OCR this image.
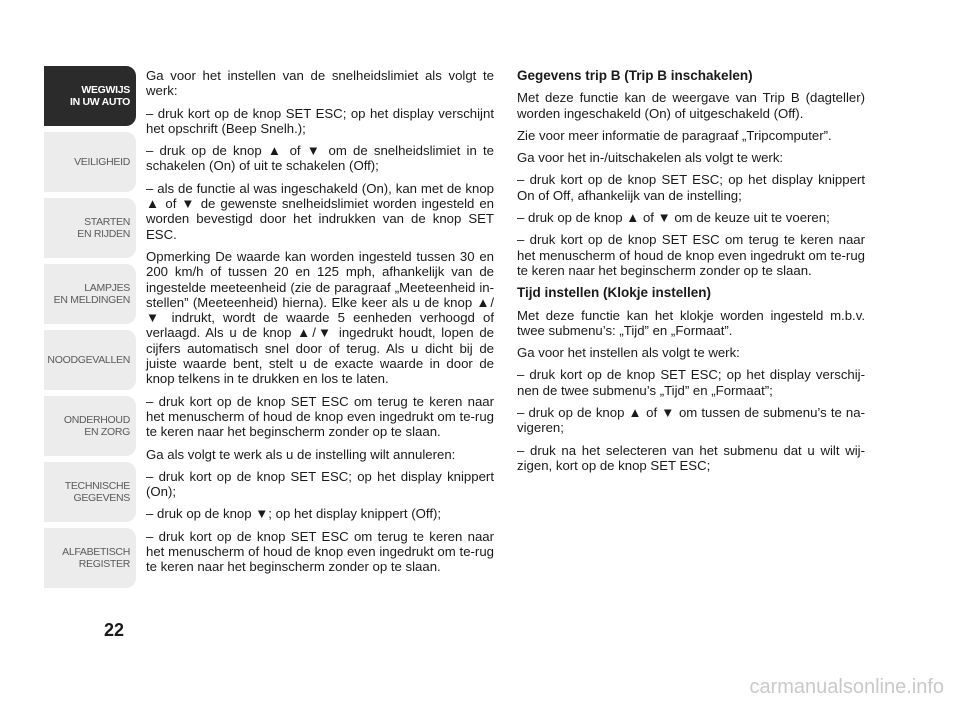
WEGWIJS
IN UW AUTO
VEILIGHEID
STARTEN
EN RIJDEN
LAMPJES
EN MELDINGEN
NOODGEVALLEN
ONDERHOUD
EN ZORG
TECHNISCHE
GEGEVENS
ALFABETISCH
REGISTER
22

Ga voor het instellen van de snelheidslimiet als volgt te werk:

– druk kort op de knop SET ESC; op het display verschijnt het opschrift (Beep Snelh.);

– druk op de knop ▲ of ▼ om de snelheidslimiet in te schakelen (On) of uit te schakelen (Off);

– als de functie al was ingeschakeld (On), kan met de knop ▲ of ▼ de gewenste snelheidslimiet worden ingesteld en worden bevestigd door het indrukken van de knop SET ESC.

Opmerking De waarde kan worden ingesteld tussen 30 en 200 km/h of tussen 20 en 125 mph, afhankelijk van de ingestelde meeteenheid (zie de paragraaf „Meeteenheid in-stellen” (Meeteenheid) hierna). Elke keer als u de knop ▲/▼ indrukt, wordt de waarde 5 eenheden verhoogd of verlaagd. Als u de knop ▲/▼ ingedrukt houdt, lopen de cijfers automatisch snel door of terug. Als u dicht bij de juiste waarde bent, stelt u de exacte waarde in door de knop telkens in te drukken en los te laten.

– druk kort op de knop SET ESC om terug te keren naar het menuscherm of houd de knop even ingedrukt om te-rug te keren naar het beginscherm zonder op te slaan.

Ga als volgt te werk als u de instelling wilt annuleren:

– druk kort op de knop SET ESC; op het display knippert (On);

– druk op de knop ▼; op het display knippert (Off);

– druk kort op de knop SET ESC om terug te keren naar het menuscherm of houd de knop even ingedrukt om te-rug te keren naar het beginscherm zonder op te slaan.

Gegevens trip B (Trip B inschakelen)

Met deze functie kan de weergave van Trip B (dagteller) worden ingeschakeld (On) of uitgeschakeld (Off).

Zie voor meer informatie de paragraaf „Tripcomputer”.

Ga voor het in-/uitschakelen als volgt te werk:

– druk kort op de knop SET ESC; op het display knippert On of Off, afhankelijk van de instelling;

– druk op de knop ▲ of ▼ om de keuze uit te voeren;

– druk kort op de knop SET ESC om terug te keren naar het menuscherm of houd de knop even ingedrukt om te-rug te keren naar het beginscherm zonder op te slaan.

Tijd instellen (Klokje instellen)

Met deze functie kan het klokje worden ingesteld m.b.v. twee submenu’s: „Tijd” en „Formaat”.

Ga voor het instellen als volgt te werk:

– druk kort op de knop SET ESC; op het display verschij-nen de twee submenu’s „Tijd” en „Formaat”;

– druk op de knop ▲ of ▼ om tussen de submenu’s te na-vigeren;

– druk na het selecteren van het submenu dat u wilt wij-zigen, kort op de knop SET ESC;

carmanualsonline.info
